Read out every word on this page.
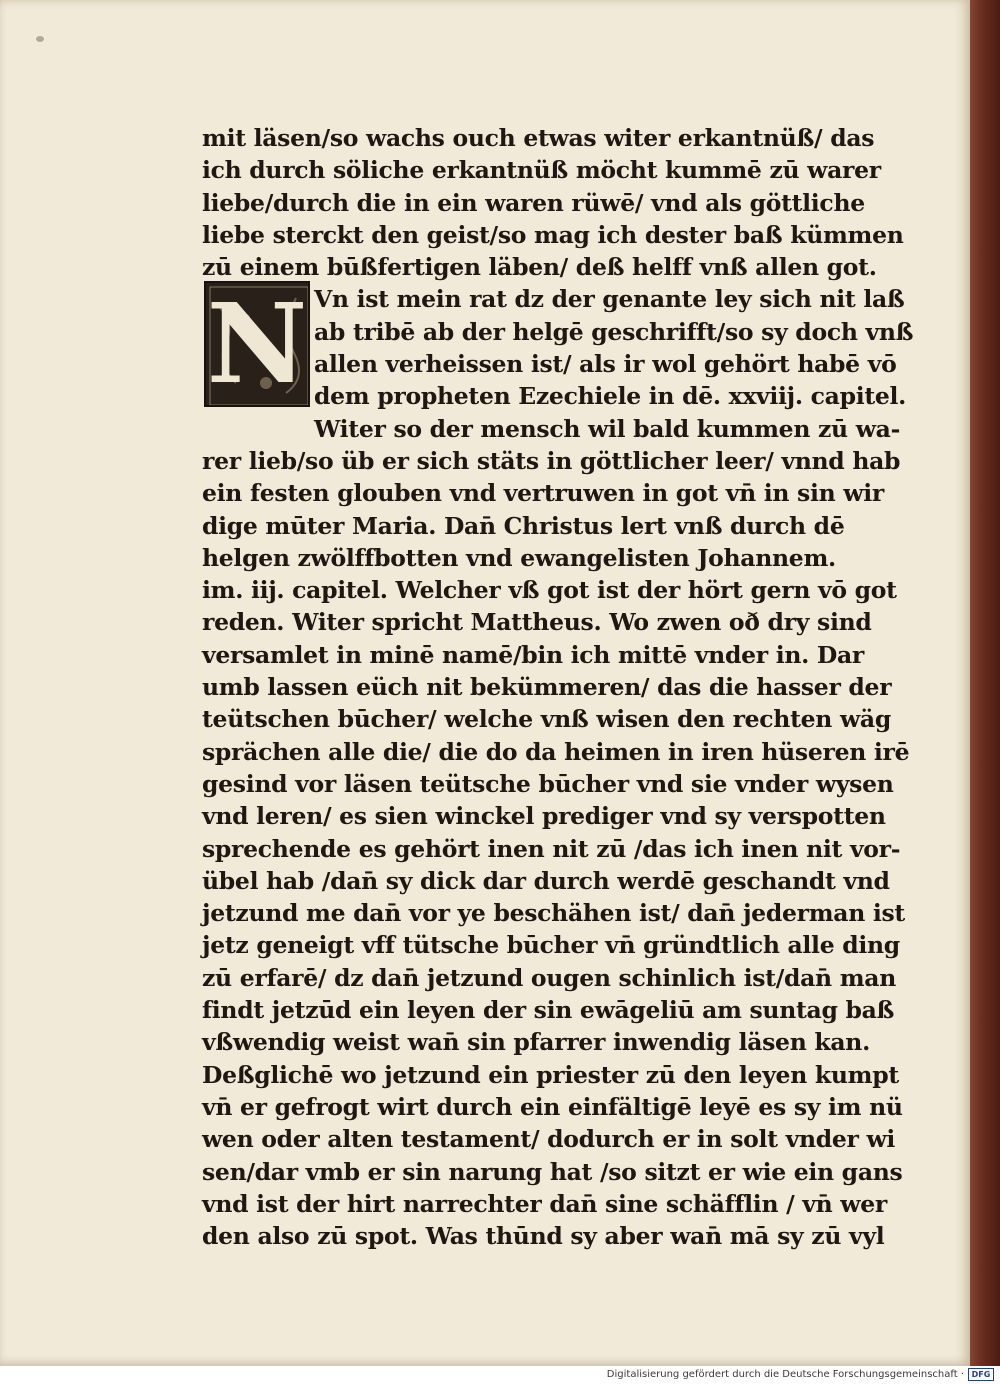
N
mit läsen/so wachs ouch etwas witer erkantnüß/ das
ich durch söliche erkantnüß möcht kummē zū warer
liebe/durch die in ein waren rüwē/ vnd als göttliche
liebe sterckt den geist/so mag ich dester baß kümmen
zū einem būßfertigen läben/ deß helff vnß allen got.
Vn ist mein rat dz der genante ley sich nit laß
ab tribē ab der helgē geschrifft/so sy doch vnß
allen verheissen ist/ als ir wol gehört habē vō
dem propheten Ezechiele in dē. xxviij. capitel.
Witer so der mensch wil bald kummen zū wa-
rer lieb/so üb er sich stäts in göttlicher leer/ vnnd hab
ein festen glouben vnd vertruwen in got vn̄ in sin wir
dige mūter Maria. Dan̄ Christus lert vnß durch dē
helgen zwölffbotten vnd ewangelisten Johannem.
im. iij. capitel. Welcher vß got ist der hört gern vō got
reden. Witer spricht Mattheus. Wo zwen oð dry sind
versamlet in minē namē/bin ich mittē vnder in. Dar
umb lassen eüch nit bekümmeren/ das die hasser der
teütschen būcher/ welche vnß wisen den rechten wäg
sprächen alle die/ die do da heimen in iren hüseren irē
gesind vor läsen teütsche būcher vnd sie vnder wysen
vnd leren/ es sien winckel prediger vnd sy verspotten
sprechende es gehört inen nit zū /das ich inen nit vor-
übel hab /dan̄ sy dick dar durch werdē geschandt vnd
jetzund me dan̄ vor ye beschähen ist/ dan̄ jederman ist
jetz geneigt vff tütsche būcher vn̄ gründtlich alle ding
zū erfarē/ dz dan̄ jetzund ougen schinlich ist/dan̄ man
findt jetzūd ein leyen der sin ewāgeliū am suntag baß
vßwendig weist wan̄ sin pfarrer inwendig läsen kan.
Deßglichē wo jetzund ein priester zū den leyen kumpt
vn̄ er gefrogt wirt durch ein einfältigē leyē es sy im nü
wen oder alten testament/ dodurch er in solt vnder wi
sen/dar vmb er sin narung hat /so sitzt er wie ein gans
vnd ist der hirt narrechter dan̄ sine schäfflin / vn̄ wer
den also zū spot. Was thūnd sy aber wan̄ mā sy zū vyl
Digitalisierung gefördert durch die Deutsche Forschungsgemeinschaft · DFG
